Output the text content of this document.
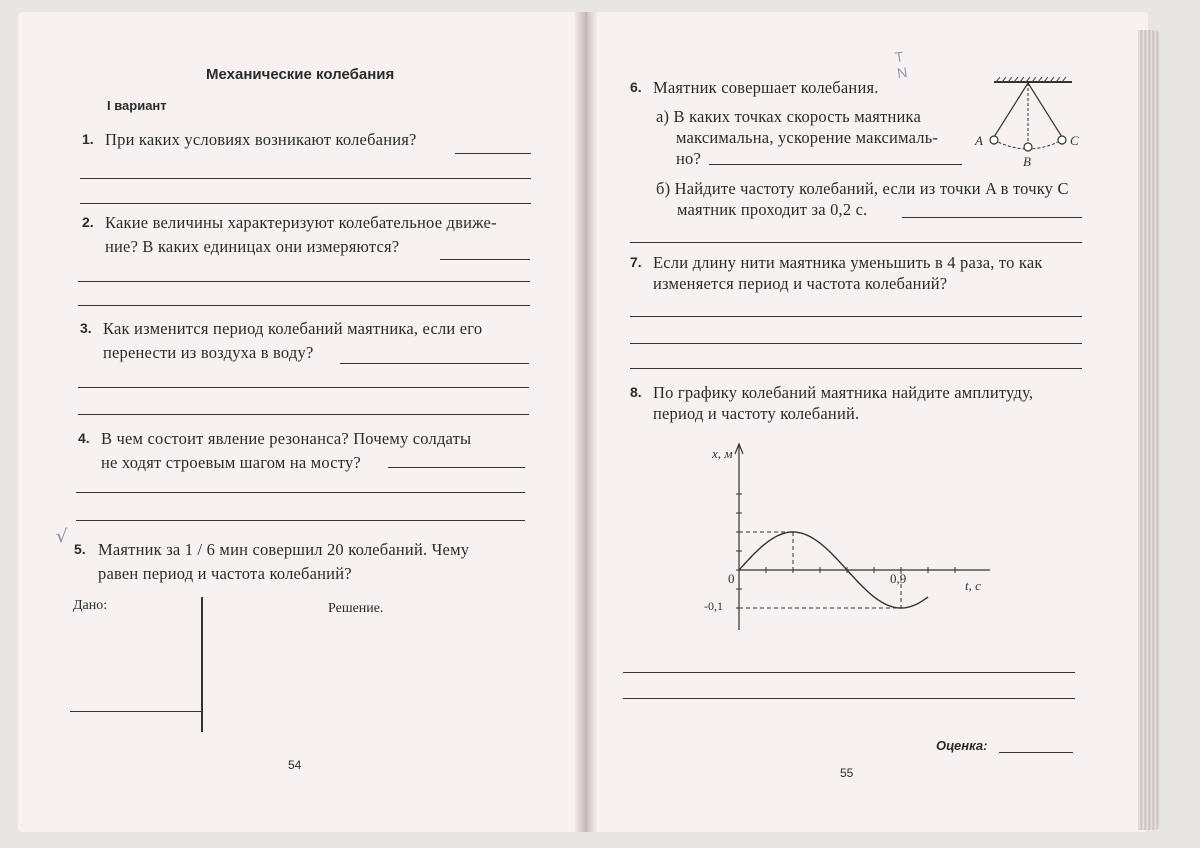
Механические колебания
I вариант
1. При каких условиях возникают колебания?
2. Какие величины характеризуют колебательное движе-
ние? В каких единицах они измеряются?
3. Как изменится период колебаний маятника, если его
перенести из воздуха в воду?
4. В чем состоит явление резонанса? Почему солдаты
не ходят строевым шагом на мосту?
√
5. Маятник за 1 / 6 мин совершил 20 колебаний. Чему
равен период и частота колебаний?
Дано:	Решение.
54
T N
6. Маятник совершает колебания.
а) В каких точках скорость маятника
максимальна, ускорение максималь-
но?
A
B
C
б) Найдите частоту колебаний, если из точки A в точку C
маятник проходит за 0,2 с.
7. Если длину нити маятника уменьшить в 4 раза, то как
изменяется период и частота колебаний?
8. По графику колебаний маятника найдите амплитуду,
период и частоту колебаний.
x, м
t, с
0	0,9
-0,1
Оценка:
55
